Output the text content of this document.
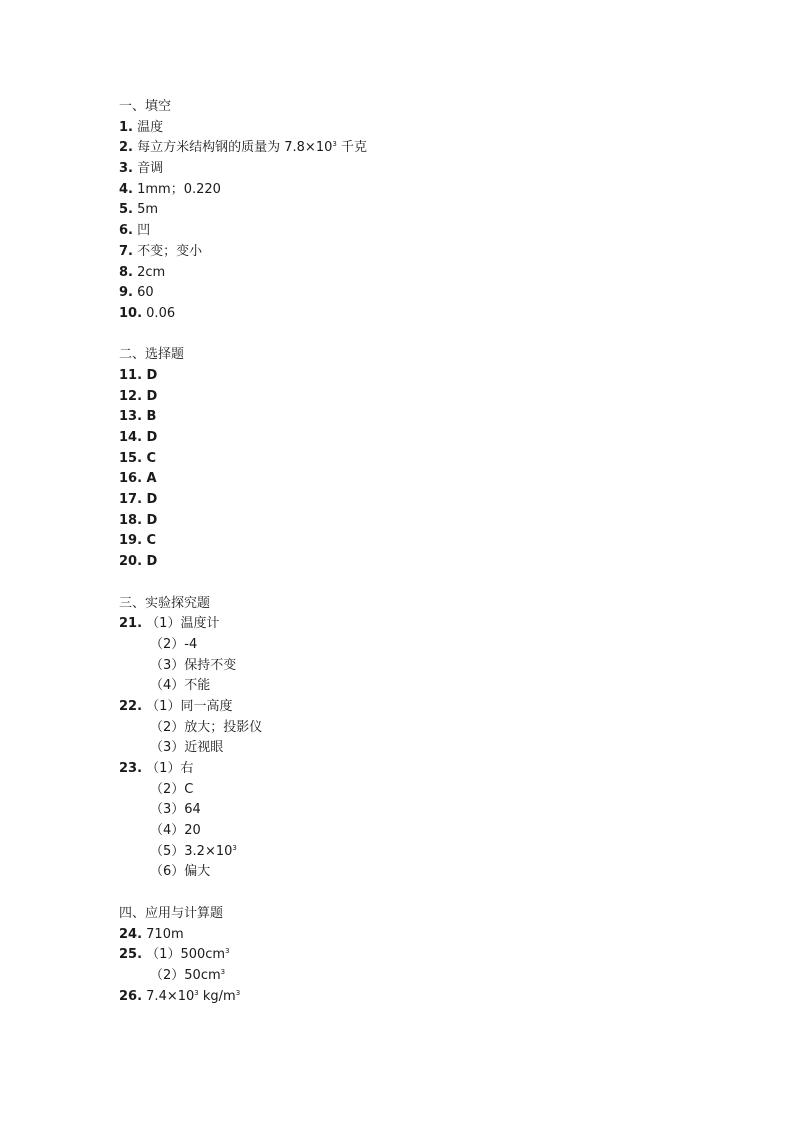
一、填空
1. 温度
2. 每立方米结构钢的质量为 $7.8\times 10^3$ 千克
3. 音调
4. 1mm；0.220
5. 5m
6. 凹
7. 不变；变小
8. 2cm
9. 60
10. 0.06
二、选择题
11. D
12. D
13. B
14. D
15. C
16. A
17. D
18. D
19. C
20. D
三、实验探究题
21. （1）温度计
（2）-4
（3）保持不变
（4）不能
22. （1）同一高度
（2）放大；投影仪
（3）近视眼
23. （1）右
（2）C
（3）64
（4）20
$(5)3.2\times 10^3$
（6）偏大
四、应用与计算题
24. 710m
25. $(1)500cm^3$
$(2)50cm^3$
26. $7.4\times 10^3$ $kg/m^3$
